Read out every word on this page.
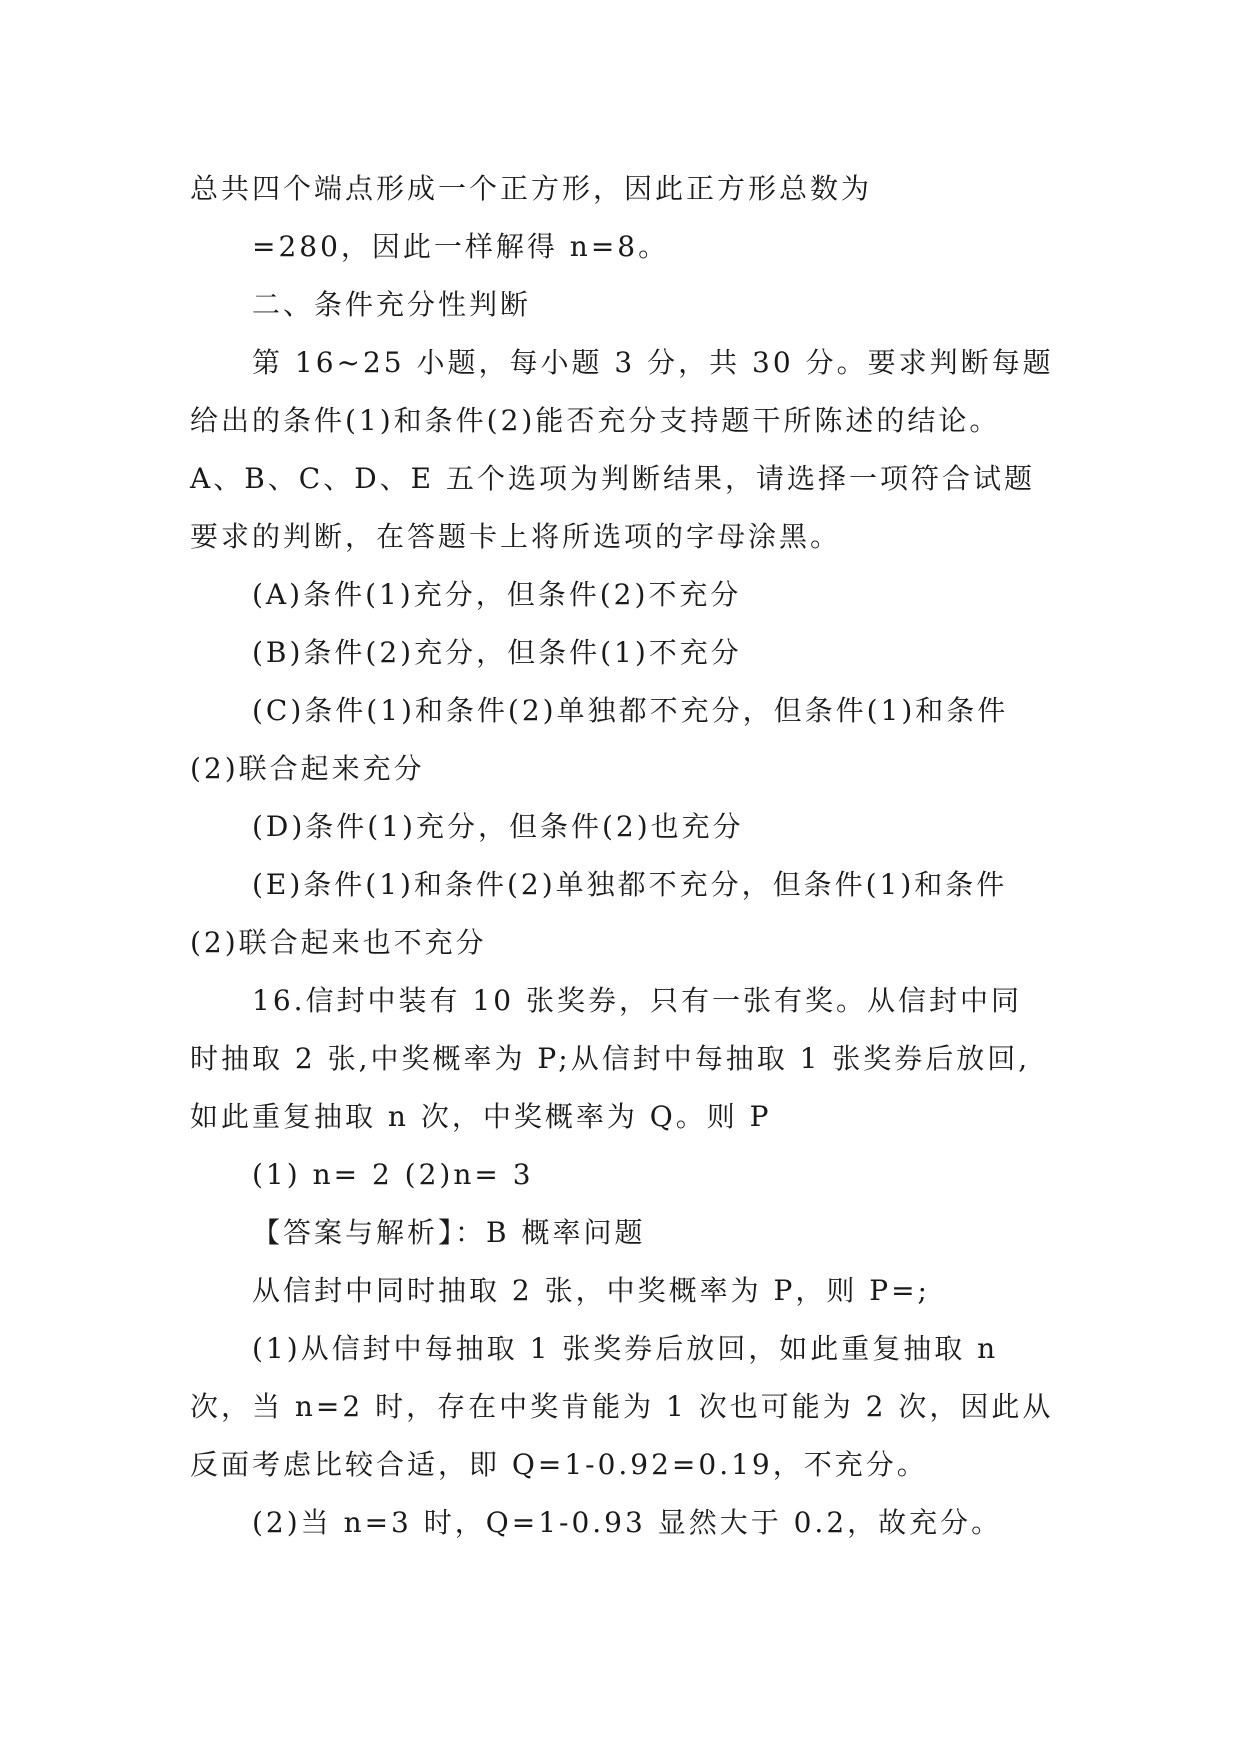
总共四个端点形成一个正方形，因此正方形总数为

=280，因此一样解得 n=8。

二、条件充分性判断

第 16~25 小题，每小题 3 分，共 30 分。要求判断每题

给出的条件(1)和条件(2)能否充分支持题干所陈述的结论。

A、B、C、D、E 五个选项为判断结果，请选择一项符合试题

要求的判断，在答题卡上将所选项的字母涂黑。

(A)条件(1)充分，但条件(2)不充分

(B)条件(2)充分，但条件(1)不充分

(C)条件(1)和条件(2)单独都不充分，但条件(1)和条件

(2)联合起来充分

(D)条件(1)充分，但条件(2)也充分

(E)条件(1)和条件(2)单独都不充分，但条件(1)和条件

(2)联合起来也不充分

16.信封中装有 10 张奖券，只有一张有奖。从信封中同

时抽取 2 张,中奖概率为 P;从信封中每抽取 1 张奖券后放回,

如此重复抽取 n 次，中奖概率为 Q。则 P

(1) n= 2 (2)n= 3

【答案与解析】：B 概率问题

从信封中同时抽取 2 张，中奖概率为 P，则 P=;

(1)从信封中每抽取 1 张奖券后放回，如此重复抽取 n

次，当 n=2 时，存在中奖肯能为 1 次也可能为 2 次，因此从

反面考虑比较合适，即 Q=1-0.92=0.19，不充分。

(2)当 n=3 时，Q=1-0.93 显然大于 0.2，故充分。
